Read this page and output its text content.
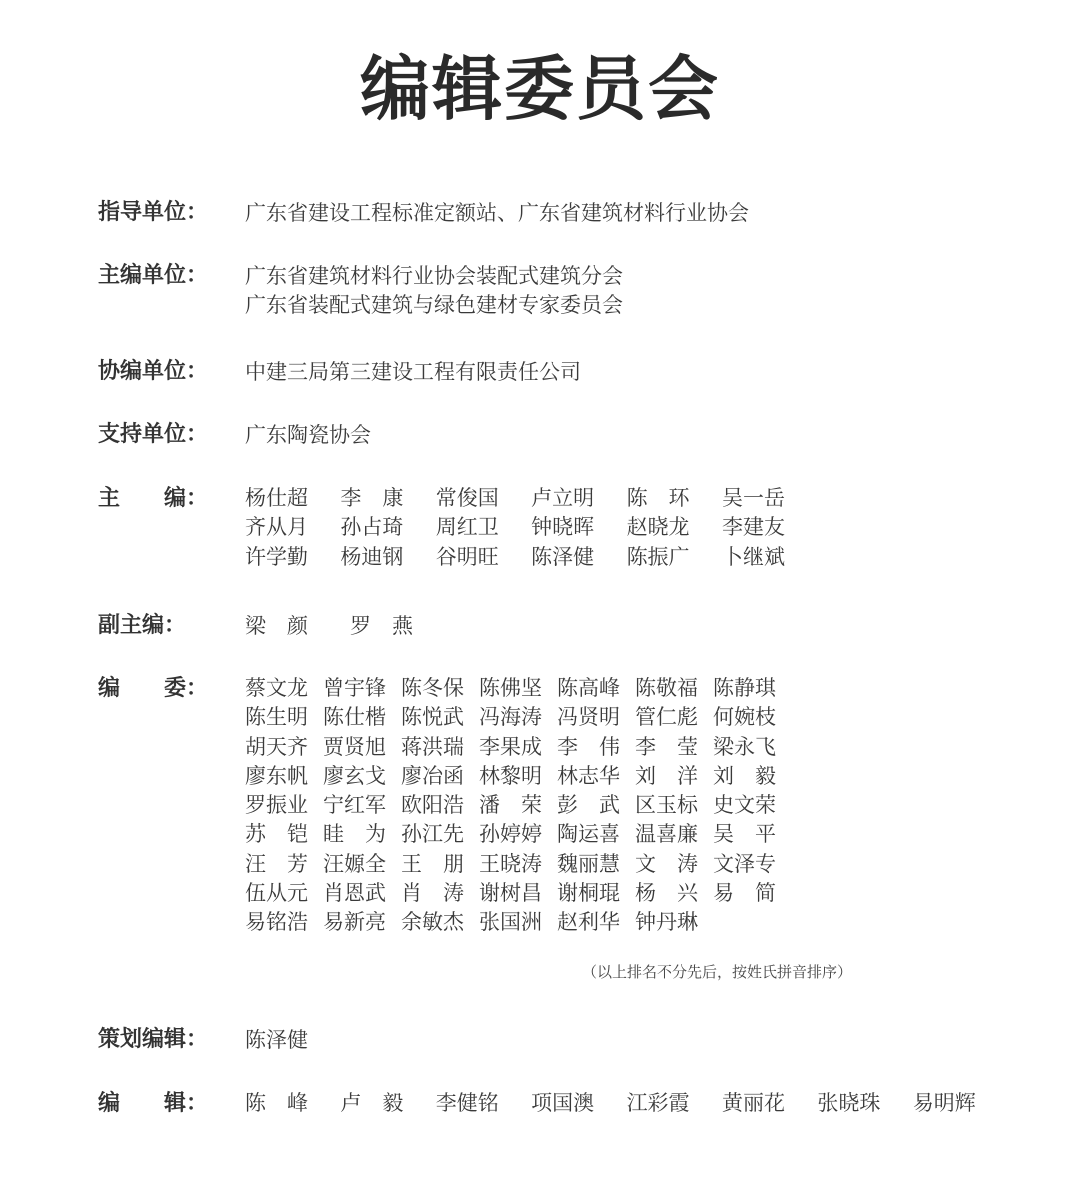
编辑委员会
指导单位： 广东省建设工程标准定额站、广东省建筑材料行业协会
主编单位： 广东省建筑材料行业协会装配式建筑分会
广东省装配式建筑与绿色建材专家委员会
协编单位： 中建三局第三建设工程有限责任公司
支持单位： 广东陶瓷协会
主　　编： 杨仕超	李　康	常俊国	卢立明	陈　环	吴一岳
齐从月	孙占琦	周红卫	钟晓晖	赵晓龙	李建友
许学勤	杨迪钢	谷明旺	陈泽健	陈振广	卜继斌
副主编：	梁　颜　　罗　燕
编　　委： 蔡文龙 曾宇锋 陈冬保 陈佛坚 陈高峰 陈敬福 陈静琪
陈生明 陈仕楷 陈悦武 冯海涛 冯贤明 管仁彪 何婉枝
胡天齐 贾贤旭 蒋洪瑞 李果成 李　伟 李　莹 梁永飞
廖东帆 廖玄戈 廖冶函 林黎明 林志华 刘　洋 刘　毅
罗振业 宁红军 欧阳浩 潘　荣 彭　武 区玉标 史文荣
苏　铠 眭　为 孙江先 孙婷婷 陶运喜 温喜廉 吴　平
汪　芳 汪嫄全 王　朋 王晓涛 魏丽慧 文　涛 文泽专
伍从元 肖恩武 肖　涛 谢树昌 谢桐琨 杨　兴 易　简
易铭浩 易新亮 余敏杰 张国洲 赵利华 钟丹琳
（以上排名不分先后，按姓氏拼音排序）
策划编辑： 陈泽健
编　　辑： 陈　峰	卢　毅	李健铭	项国澳	江彩霞	黄丽花	张晓珠	易明辉
